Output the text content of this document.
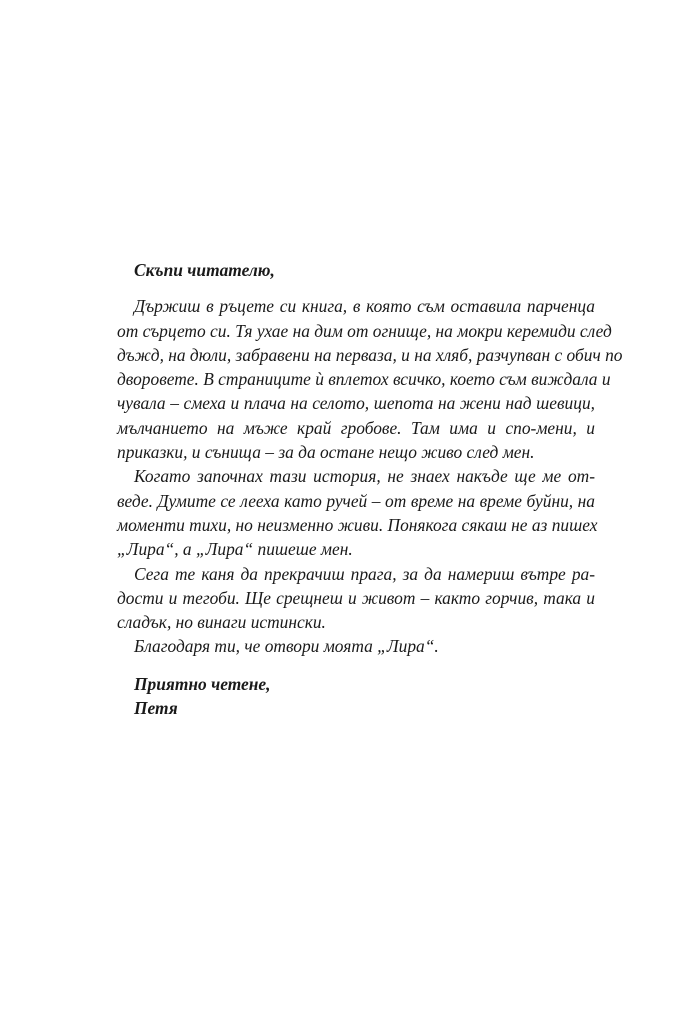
Скъпи читателю,
Държиш в ръцете си книга, в която съм оставила парченца
от сърцето си. Тя ухае на дим от огнище, на мокри керемиди след
дъжд, на дюли, забравени на перваза, и на хляб, разчупван с обич по
дворовете. В страниците ѝ вплетох всичко, което съм виждала и
чувала – смеха и плача на селото, шепота на жени над шевици,
мълчанието на мъже край гробове. Там има и спо-мени, и
приказки, и сънища – за да остане нещо живо след мен.
Когато започнах тази история, не знаех накъде ще ме от-
веде. Думите се лееха като ручей – от време на време буйни, на
моменти тихи, но неизменно живи. Понякога сякаш не аз пишех
„Лира“, а „Лира“ пишеше мен.
Сега те каня да прекрачиш прага, за да намериш вътре ра-
дости и тегоби. Ще срещнеш и живот – както горчив, така и
сладък, но винаги истински.
Благодаря ти, че отвори моята „Лира“.
Приятно четене,
Петя
